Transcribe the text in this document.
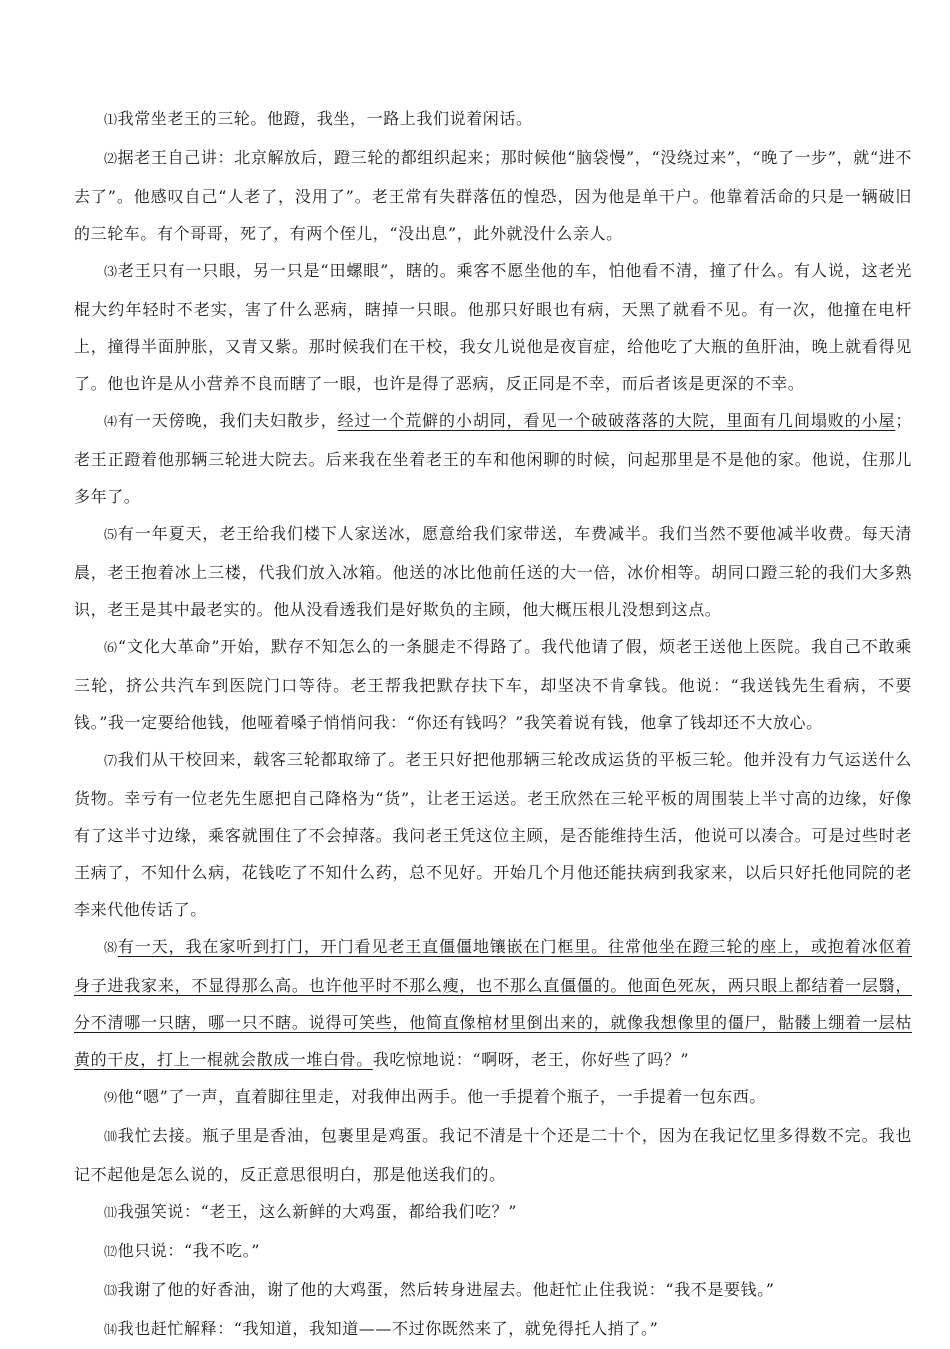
⑴我常坐老王的三轮。他蹬，我坐，一路上我们说着闲话。

⑵据老王自己讲：北京解放后，蹬三轮的都组织起来；那时候他“脑袋慢”，“没绕过来”，“晚了一步”，就“进不去了”。他感叹自己“人老了，没用了”。老王常有失群落伍的惶恐，因为他是单干户。他靠着活命的只是一辆破旧的三轮车。有个哥哥，死了，有两个侄儿，“没出息”，此外就没什么亲人。

⑶老王只有一只眼，另一只是“田螺眼”，瞎的。乘客不愿坐他的车，怕他看不清，撞了什么。有人说，这老光棍大约年轻时不老实，害了什么恶病，瞎掉一只眼。他那只好眼也有病，天黑了就看不见。有一次，他撞在电杆上，撞得半面肿胀，又青又紫。那时候我们在干校，我女儿说他是夜盲症，给他吃了大瓶的鱼肝油，晚上就看得见了。他也许是从小营养不良而瞎了一眼，也许是得了恶病，反正同是不幸，而后者该是更深的不幸。

⑷有一天傍晚，我们夫妇散步，经过一个荒僻的小胡同，看见一个破破落落的大院，里面有几间塌败的小屋；老王正蹬着他那辆三轮进大院去。后来我在坐着老王的车和他闲聊的时候，问起那里是不是他的家。他说，住那儿多年了。

⑸有一年夏天，老王给我们楼下人家送冰，愿意给我们家带送，车费减半。我们当然不要他减半收费。每天清晨，老王抱着冰上三楼，代我们放入冰箱。他送的冰比他前任送的大一倍，冰价相等。胡同口蹬三轮的我们大多熟识，老王是其中最老实的。他从没看透我们是好欺负的主顾，他大概压根儿没想到这点。

⑹“文化大革命”开始，默存不知怎么的一条腿走不得路了。我代他请了假，烦老王送他上医院。我自己不敢乘三轮，挤公共汽车到医院门口等待。老王帮我把默存扶下车，却坚决不肯拿钱。他说：“我送钱先生看病，不要钱。”我一定要给他钱，他哑着嗓子悄悄问我：“你还有钱吗？”我笑着说有钱，他拿了钱却还不大放心。

⑺我们从干校回来，载客三轮都取缔了。老王只好把他那辆三轮改成运货的平板三轮。他并没有力气运送什么货物。幸亏有一位老先生愿把自己降格为“货”，让老王运送。老王欣然在三轮平板的周围装上半寸高的边缘，好像有了这半寸边缘，乘客就围住了不会掉落。我问老王凭这位主顾，是否能维持生活，他说可以凑合。可是过些时老王病了，不知什么病，花钱吃了不知什么药，总不见好。开始几个月他还能扶病到我家来，以后只好托他同院的老李来代他传话了。

⑻有一天，我在家听到打门，开门看见老王直僵僵地镶嵌在门框里。往常他坐在蹬三轮的座上，或抱着冰伛着身子进我家来，不显得那么高。也许他平时不那么瘦，也不那么直僵僵的。他面色死灰，两只眼上都结着一层翳，分不清哪一只瞎，哪一只不瞎。说得可笑些，他简直像棺材里倒出来的，就像我想像里的僵尸，骷髅上绷着一层枯黄的干皮，打上一棍就会散成一堆白骨。我吃惊地说：“啊呀，老王，你好些了吗？”

⑼他“嗯”了一声，直着脚往里走，对我伸出两手。他一手提着个瓶子，一手提着一包东西。

⑽我忙去接。瓶子里是香油，包裹里是鸡蛋。我记不清是十个还是二十个，因为在我记忆里多得数不完。我也记不起他是怎么说的，反正意思很明白，那是他送我们的。

⑾我强笑说：“老王，这么新鲜的大鸡蛋，都给我们吃？”

⑿他只说：“我不吃。”

⒀我谢了他的好香油，谢了他的大鸡蛋，然后转身进屋去。他赶忙止住我说：“我不是要钱。”

⒁我也赶忙解释：“我知道，我知道——不过你既然来了，就免得托人捎了。”
